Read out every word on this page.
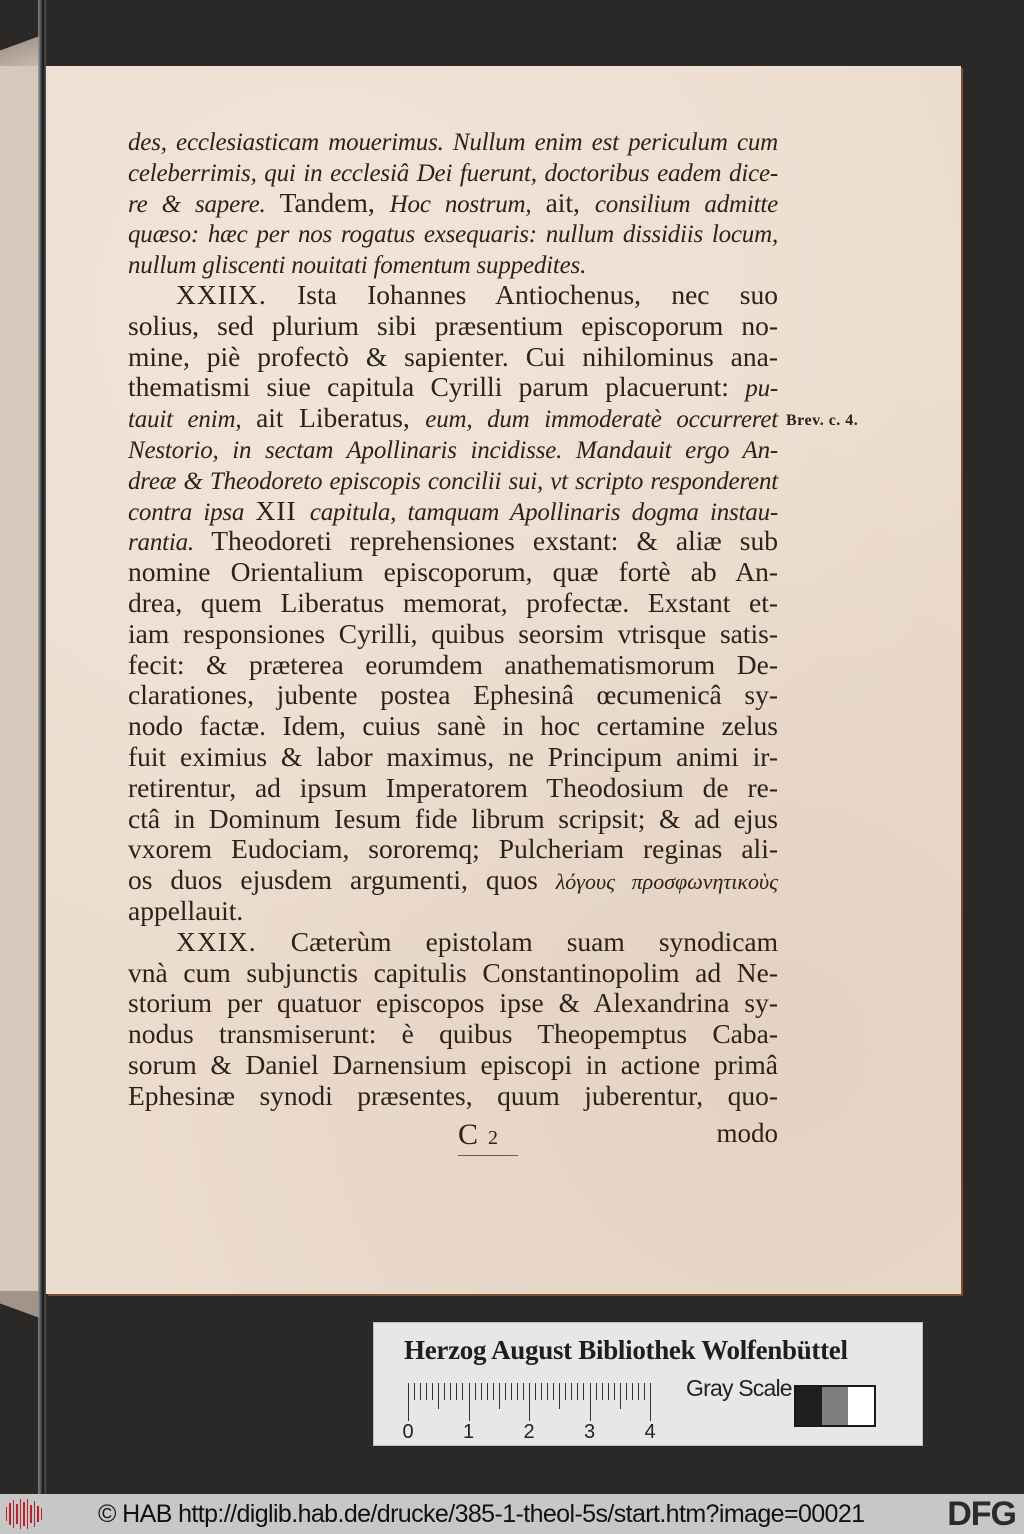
des, ecclesiasticam mouerimus. Nullum enim est periculum cum
celeberrimis, qui in ecclesiâ Dei fuerunt, doctoribus eadem dice-
re & sapere. Tandem, Hoc nostrum, ait, consilium admitte
quæso: hæc per nos rogatus exsequaris: nullum dissidiis locum,
nullum gliscenti nouitati fomentum suppedites.
XXIIX. Ista Iohannes Antiochenus, nec suo
solius, sed plurium sibi præsentium episcoporum no-
mine, piè profectò & sapienter. Cui nihilominus ana-
thematismi siue capitula Cyrilli parum placuerunt: pu-
tauit enim, ait Liberatus, eum, dum immoderatè occurreret
Nestorio, in sectam Apollinaris incidisse. Mandauit ergo An-
dreæ & Theodoreto episcopis concilii sui, vt scripto responderent
contra ipsa XII capitula, tamquam Apollinaris dogma instau-
rantia. Theodoreti reprehensiones exstant: & aliæ sub
nomine Orientalium episcoporum, quæ fortè ab An-
drea, quem Liberatus memorat, profectæ. Exstant et-
iam responsiones Cyrilli, quibus seorsim vtrisque satis-
fecit: & præterea eorumdem anathematismorum De-
clarationes, jubente postea Ephesinâ œcumenicâ sy-
nodo factæ. Idem, cuius sanè in hoc certamine zelus
fuit eximius & labor maximus, ne Principum animi ir-
retirentur, ad ipsum Imperatorem Theodosium de re-
ctâ in Dominum Iesum fide librum scripsit; & ad ejus
vxorem Eudociam, sororemq; Pulcheriam reginas ali-
os duos ejusdem argumenti, quos λόγους προσφωνητικοὺς
appellauit.
XXIX. Cæterùm epistolam suam synodicam
vnà cum subjunctis capitulis Constantinopolim ad Ne-
storium per quatuor episcopos ipse & Alexandrina sy-
nodus transmiserunt: è quibus Theopemptus Caba-
sorum & Daniel Darnensium episcopi in actione primâ
Ephesinæ synodi præsentes, quum juberentur, quo-
Brev. c. 4.
C 2	modo
Herzog August Bibliothek Wolfenbüttel
0 1 2 3 4
Gray Scale
© HAB http://diglib.hab.de/drucke/385-1-theol-5s/start.htm?image=00021 DFG
